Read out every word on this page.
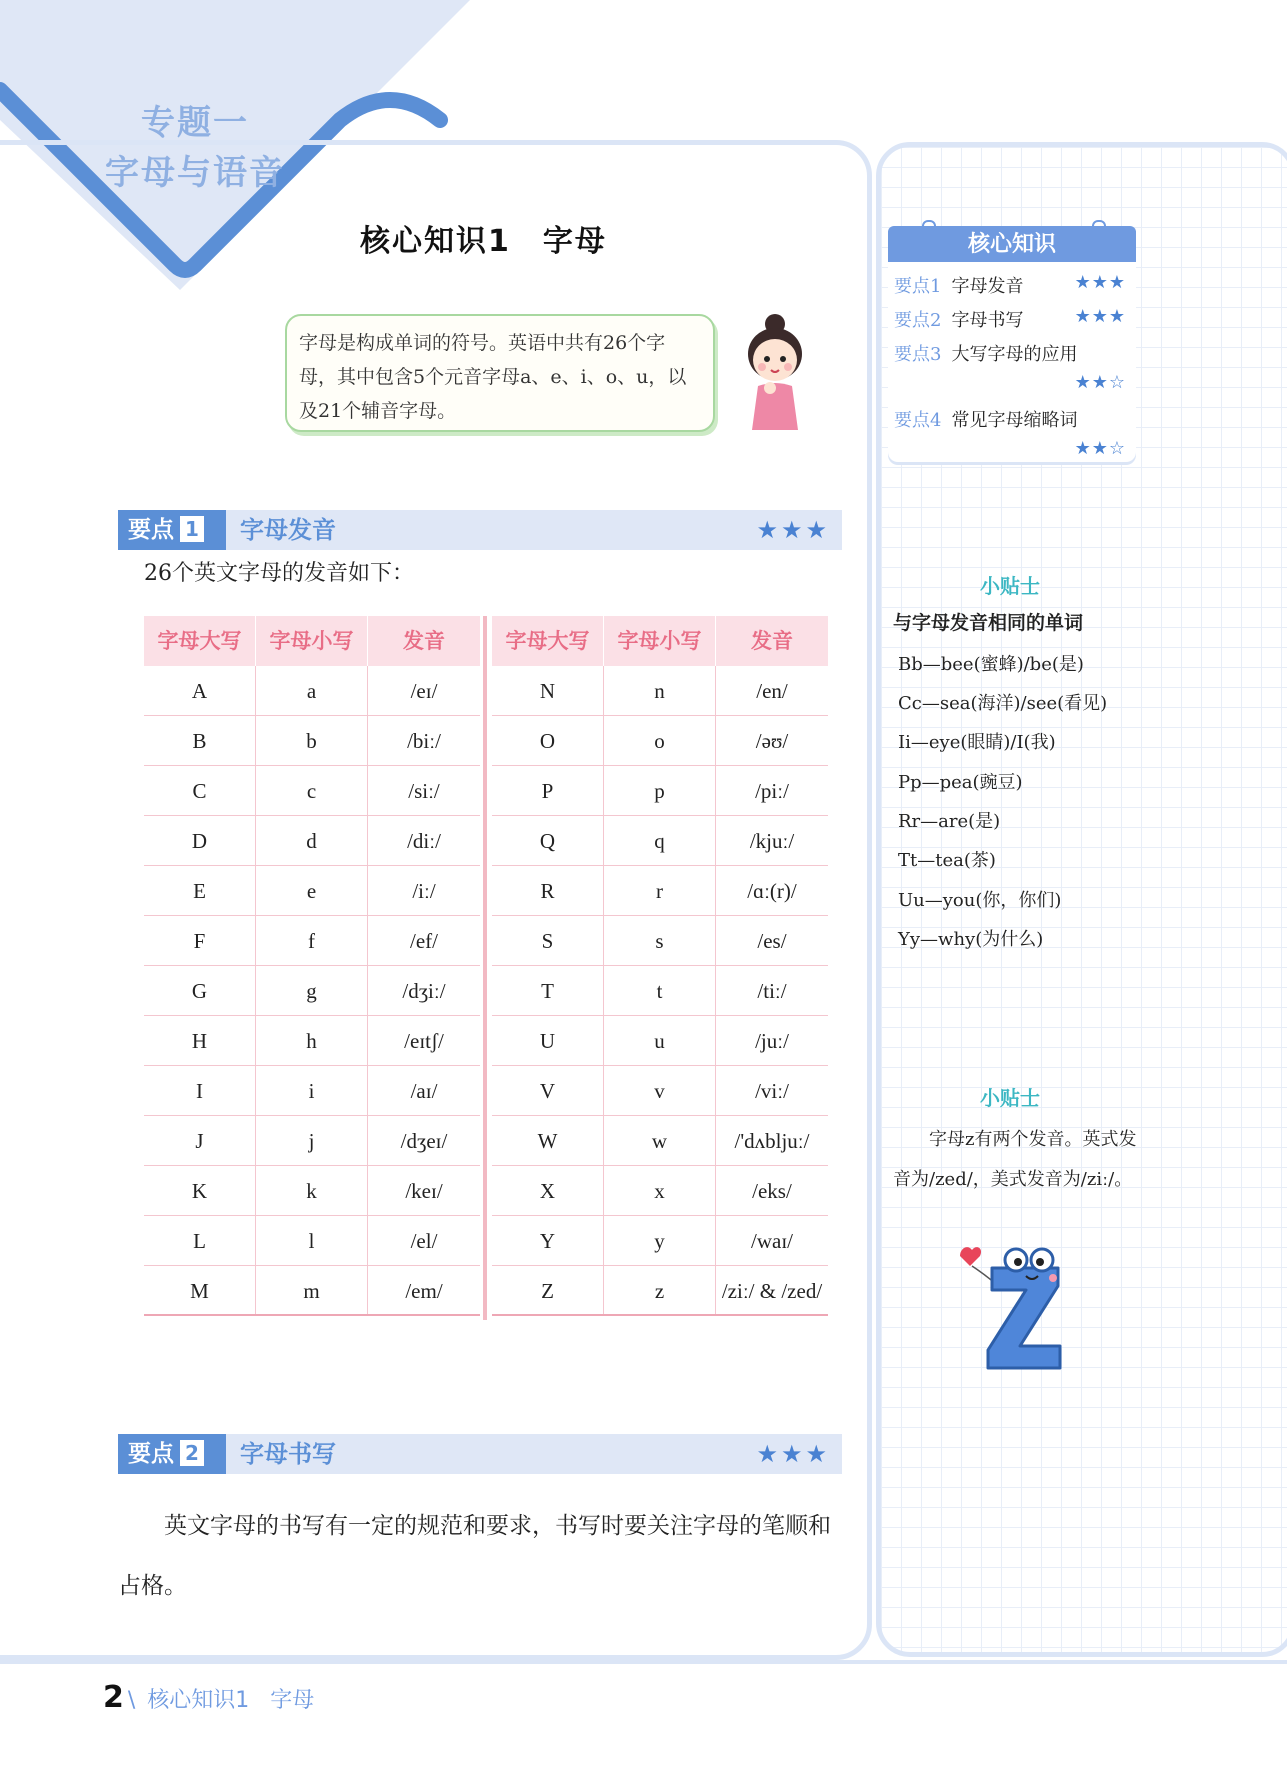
专题一
字母与语音
核心知识1　字母
字母是构成单词的符号。英语中共有26个字母，其中包含5个元音字母a、e、i、o、u，以及21个辅音字母。
要点 1	字母发音	★★★
26个英文字母的发音如下：
字母大写	字母小写	发音
A	a	/eɪ/
B	b	/biː/
C	c	/siː/
D	d	/diː/
E	e	/iː/
F	f	/ef/
G	g	/dʒiː/
H	h	/eɪtʃ/
I	i	/aɪ/
J	j	/dʒeɪ/
K	k	/keɪ/
L	l	/el/
M	m	/em/
字母大写	字母小写	发音
N	n	/en/
O	o	/əʊ/
P	p	/piː/
Q	q	/kjuː/
R	r	/ɑː(r)/
S	s	/es/
T	t	/tiː/
U	u	/juː/
V	v	/viː/
W	w	/'dʌbljuː/
X	x	/eks/
Y	y	/waɪ/
Z	z	/ziː/ & /zed/
要点 2	字母书写	★★★
英文字母的书写有一定的规范和要求，书写时要关注字母的笔顺和占格。
核心知识
要点1 字母发音	★★★
要点2 字母书写	★★★
要点3 大写字母的应用
★★☆
要点4 常见字母缩略词
★★☆
小贴士
与字母发音相同的单词
Bb—bee(蜜蜂)/be(是)
Cc—sea(海洋)/see(看见)
Ii—eye(眼睛)/I(我)
Pp—pea(豌豆)
Rr—are(是)
Tt—tea(茶)
Uu—you(你，你们)
Yy—why(为什么)
小贴士
字母z有两个发音。英式发音为/zed/，美式发音为/ziː/。
2 \ 核心知识1 字母
